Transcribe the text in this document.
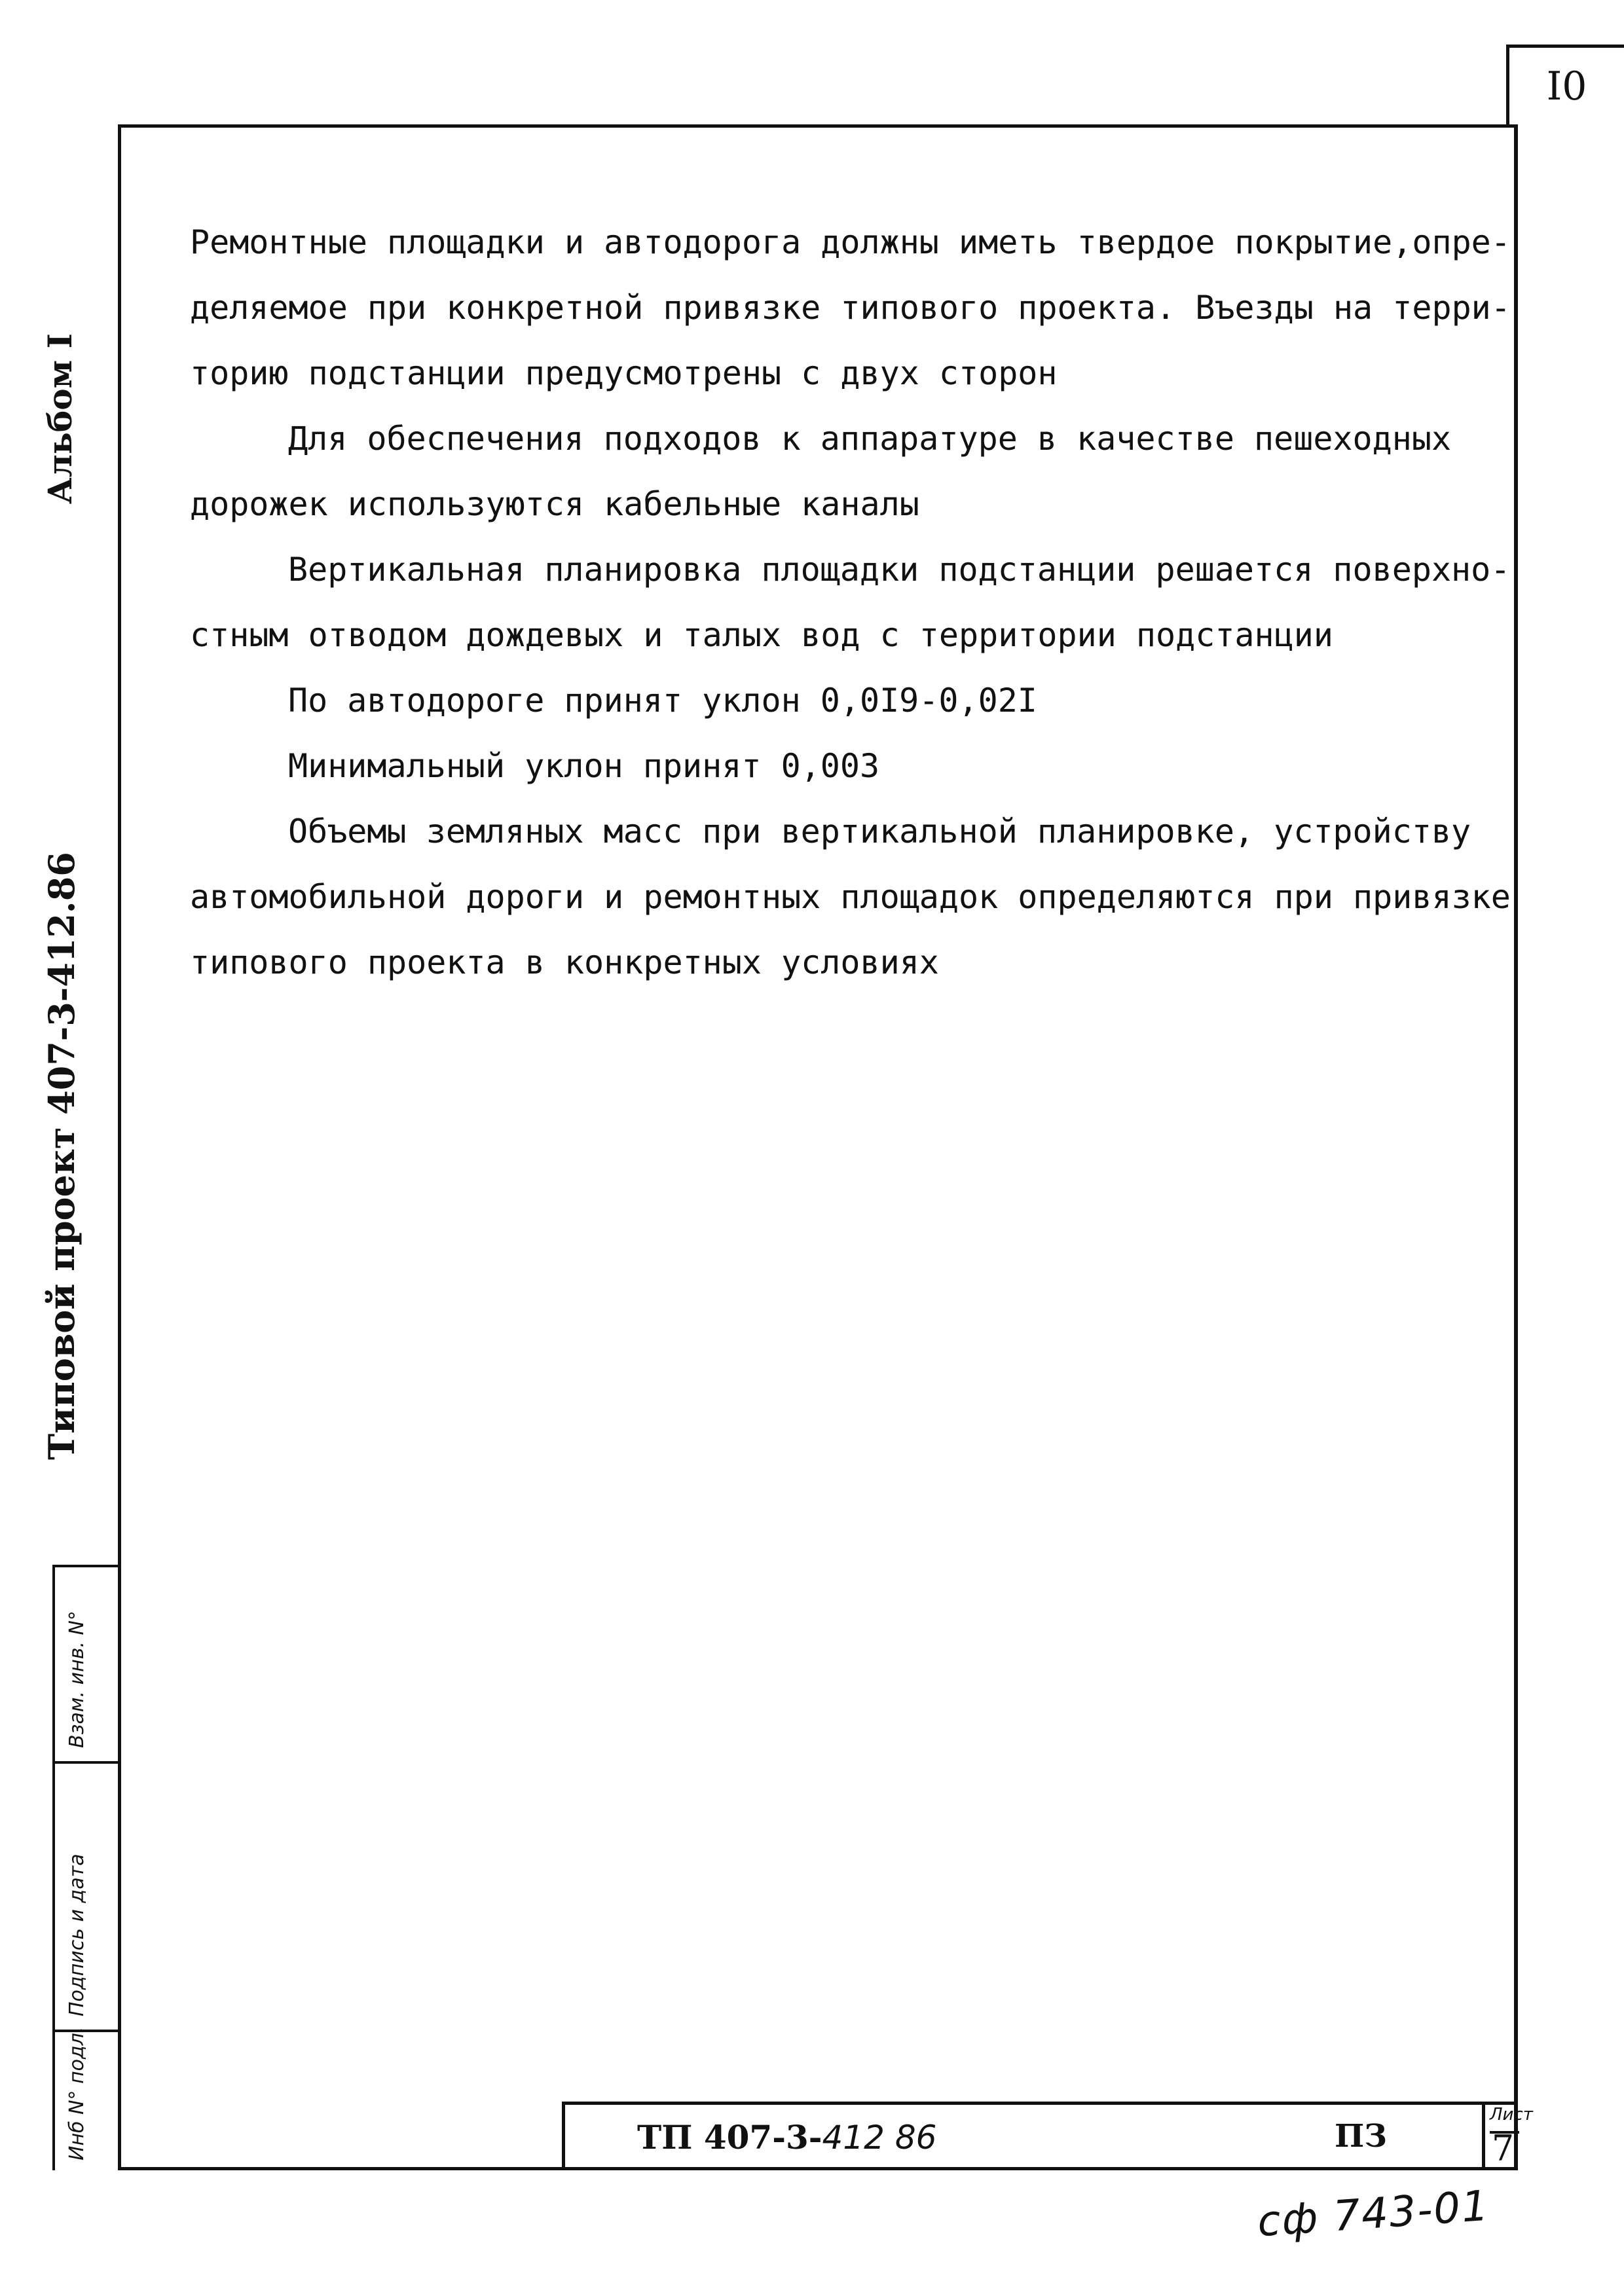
I0
Альбом I
Типовой проект 407-3-412.86
Инб N° подл.
Подпись и дата
Взам. инв. N°

Ремонтные площадки и автодорога должны иметь твердое покрытие,опре-

деляемое при конкретной привязке типового проекта. Въезды на терри-

торию подстанции предусмотрены с двух сторон

Для обеспечения подходов к аппаратуре в качестве пешеходных

дорожек используются кабельные каналы

Вертикальная планировка площадки подстанции решается поверхно-

стным отводом дождевых и талых вод с территории подстанции

По автодороге принят уклон 0,0I9-0,02I

Минимальный уклон принят 0,003

Объемы земляных масс при вертикальной планировке, устройству

автомобильной дороги и ремонтных площадок определяются при привязке

типового проекта в конкретных условиях

ТП 407-3-412 86	ПЗ
Лист
7
сф 743-01
